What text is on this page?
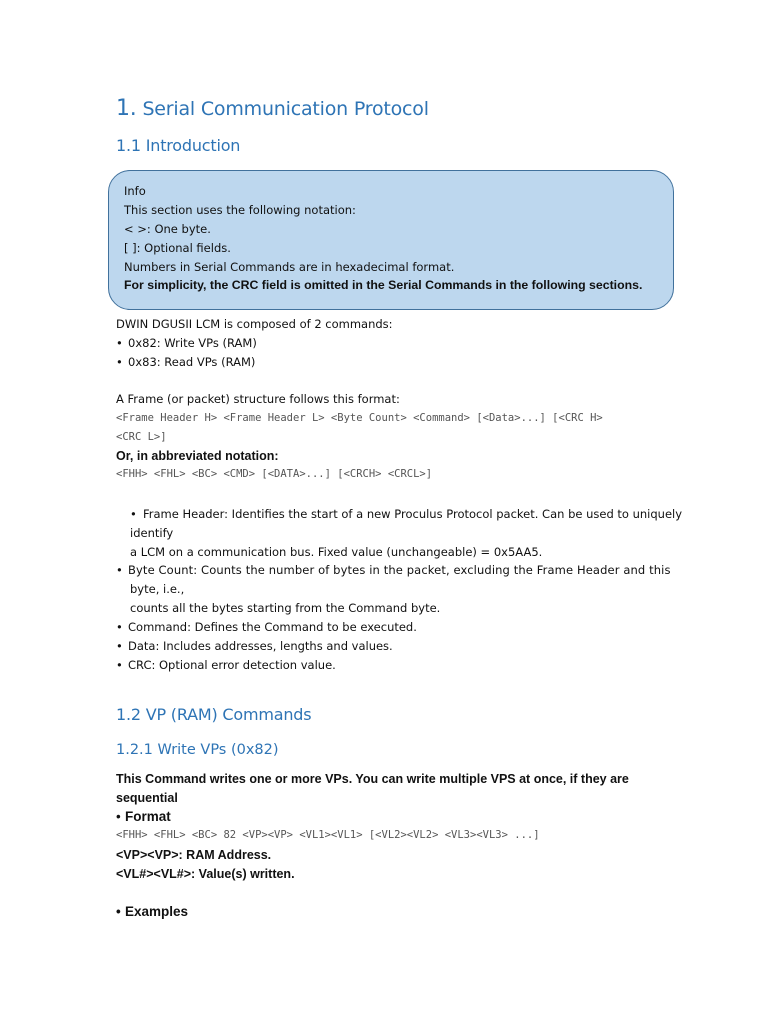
1. Serial Communication Protocol
1.1 Introduction
Info
This section uses the following notation:
< >: One byte.
[ ]: Optional fields.
Numbers in Serial Commands are in hexadecimal format.
For simplicity, the CRC field is omitted in the Serial Commands in the following sections.
DWIN DGUSII LCM is composed of 2 commands:
• 0x82: Write VPs (RAM)
• 0x83: Read VPs (RAM)
A Frame (or packet) structure follows this format:
<Frame Header H> <Frame Header L> <Byte Count> <Command> [<Data>...] [<CRC H>
<CRC L>]
Or, in abbreviated notation:
<FHH> <FHL> <BC> <CMD> [<DATA>...] [<CRCH> <CRCL>]
• Frame Header: Identifies the start of a new Proculus Protocol packet. Can be used to uniquely
identify
a LCM on a communication bus. Fixed value (unchangeable) = 0x5AA5.
• Byte Count: Counts the number of bytes in the packet, excluding the Frame Header and this
byte, i.e.,
counts all the bytes starting from the Command byte.
• Command: Defines the Command to be executed.
• Data: Includes addresses, lengths and values.
• CRC: Optional error detection value.
1.2 VP (RAM) Commands
1.2.1 Write VPs (0x82)
This Command writes one or more VPs. You can write multiple VPS at once, if they are
sequential
• Format
<FHH> <FHL> <BC> 82 <VP><VP> <VL1><VL1> [<VL2><VL2> <VL3><VL3> ...]
<VP><VP>: RAM Address.
<VL#><VL#>: Value(s) written.
• Examples
